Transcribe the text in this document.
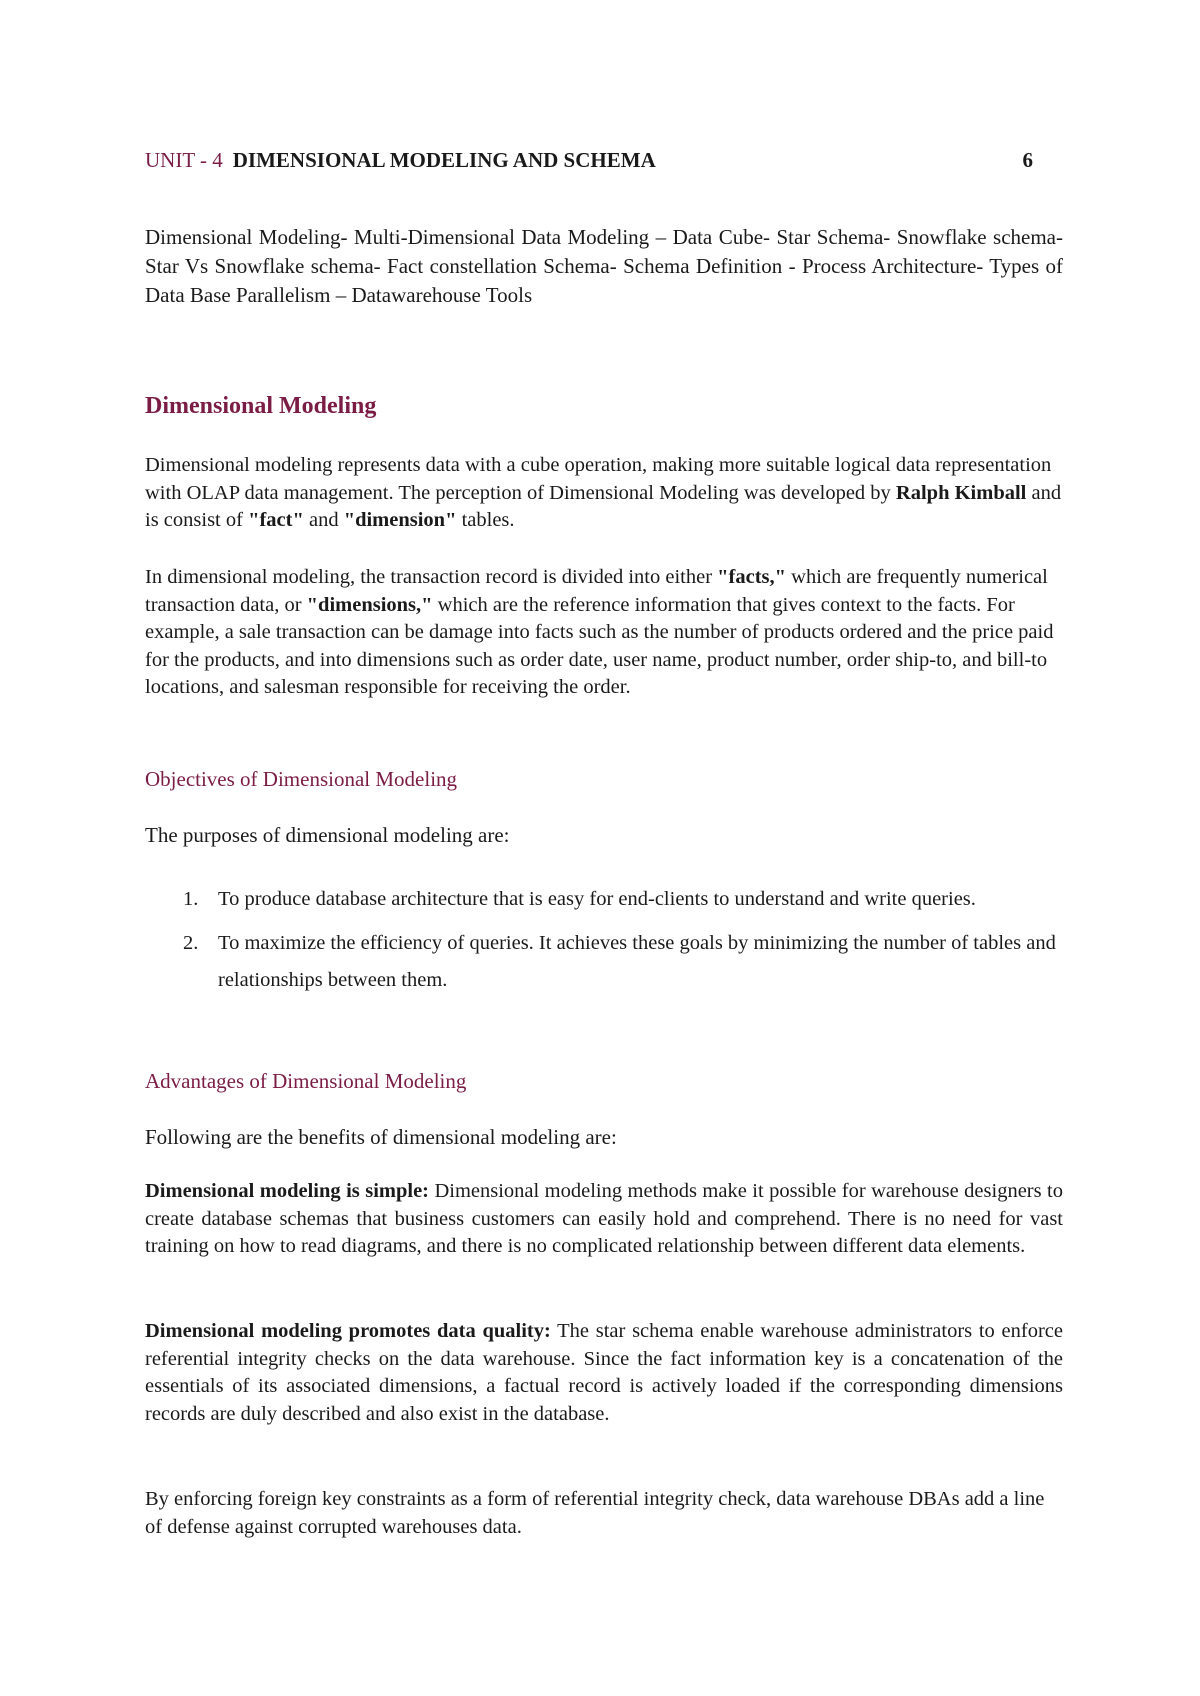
UNIT - 4 DIMENSIONAL MODELING AND SCHEMA	6
Dimensional Modeling- Multi-Dimensional Data Modeling – Data Cube- Star Schema- Snowflake schema- Star Vs Snowflake schema- Fact constellation Schema- Schema Definition - Process Architecture- Types of Data Base Parallelism – Datawarehouse Tools
Dimensional Modeling
Dimensional modeling represents data with a cube operation, making more suitable logical data representation with OLAP data management. The perception of Dimensional Modeling was developed by Ralph Kimball and is consist of "fact" and "dimension" tables.
In dimensional modeling, the transaction record is divided into either "facts," which are frequently numerical transaction data, or "dimensions," which are the reference information that gives context to the facts. For example, a sale transaction can be damage into facts such as the number of products ordered and the price paid for the products, and into dimensions such as order date, user name, product number, order ship-to, and bill-to locations, and salesman responsible for receiving the order.
Objectives of Dimensional Modeling
The purposes of dimensional modeling are:
1. To produce database architecture that is easy for end-clients to understand and write queries.
2. To maximize the efficiency of queries. It achieves these goals by minimizing the number of tables and relationships between them.
Advantages of Dimensional Modeling
Following are the benefits of dimensional modeling are:
Dimensional modeling is simple: Dimensional modeling methods make it possible for warehouse designers to create database schemas that business customers can easily hold and comprehend. There is no need for vast training on how to read diagrams, and there is no complicated relationship between different data elements.
Dimensional modeling promotes data quality: The star schema enable warehouse administrators to enforce referential integrity checks on the data warehouse. Since the fact information key is a concatenation of the essentials of its associated dimensions, a factual record is actively loaded if the corresponding dimensions records are duly described and also exist in the database.
By enforcing foreign key constraints as a form of referential integrity check, data warehouse DBAs add a line of defense against corrupted warehouses data.
